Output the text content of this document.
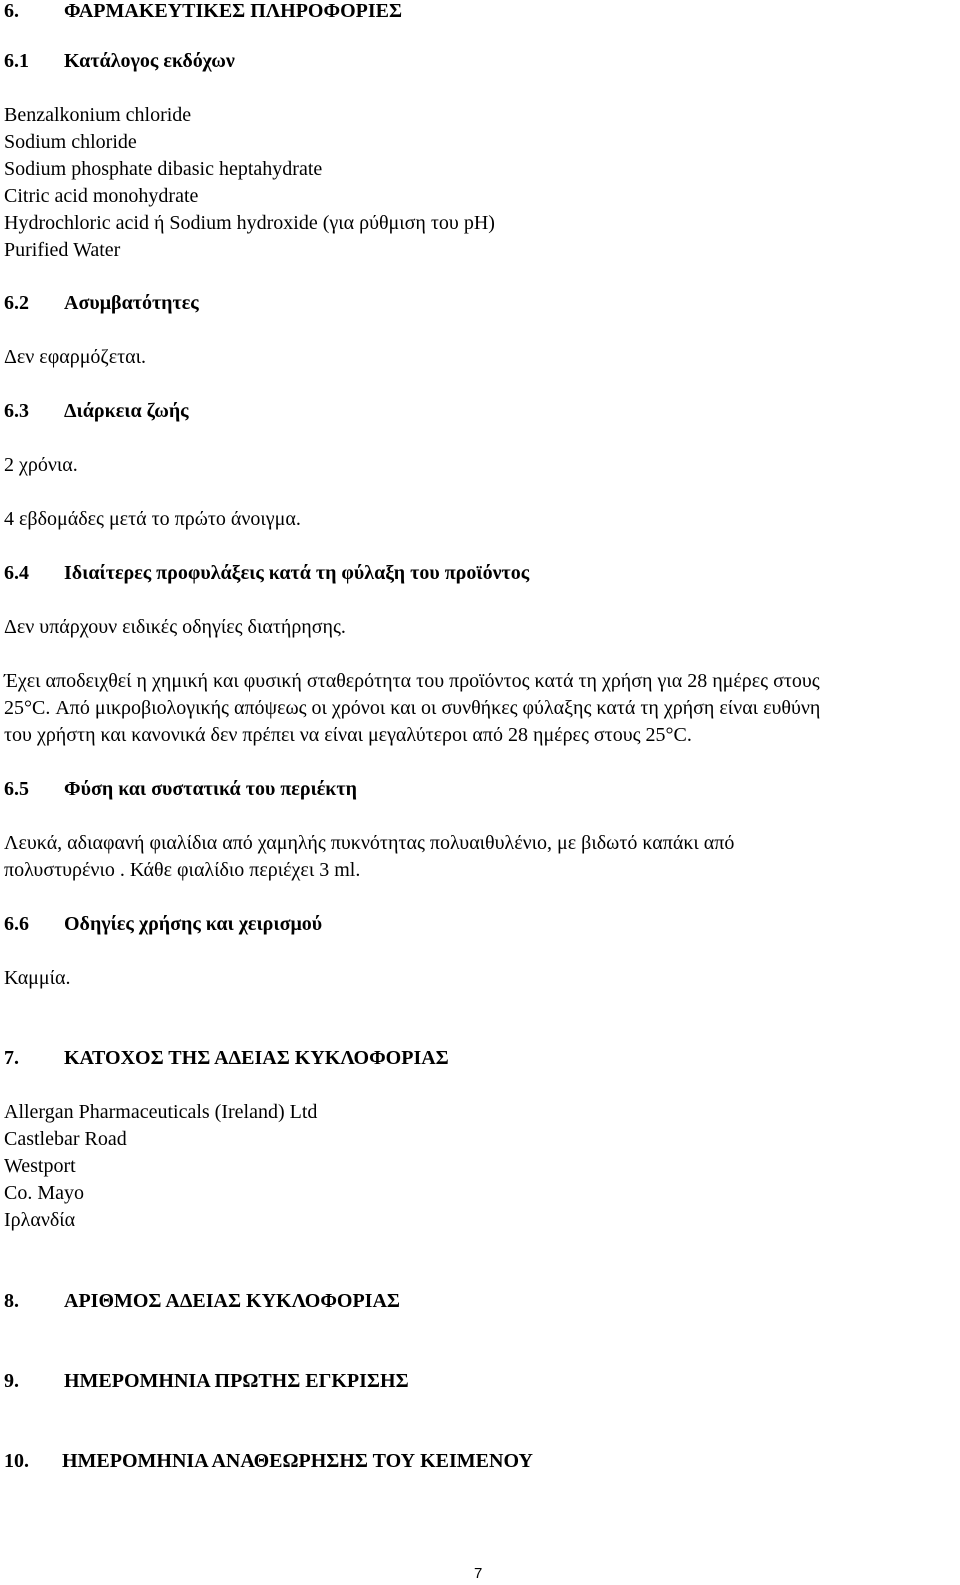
6. ΦΑΡΜΑΚΕΥΤΙΚΕΣ ΠΛΗΡΟΦΟΡΙΕΣ
6.1 Κατάλογος εκδόχων
Benzalkonium chloride
Sodium chloride
Sodium phosphate dibasic heptahydrate
Citric acid monohydrate
Hydrochloric acid ή Sodium hydroxide (για ρύθμιση του pH)
Purified Water
6.2 Ασυμβατότητες
Δεν εφαρμόζεται.
6.3 Διάρκεια ζωής
2 χρόνια.
4 εβδομάδες μετά το πρώτο άνοιγμα.
6.4 Ιδιαίτερες προφυλάξεις κατά τη φύλαξη του προϊόντος
Δεν υπάρχουν ειδικές οδηγίες διατήρησης.
Έχει αποδειχθεί η χημική και φυσική σταθερότητα του προϊόντος κατά τη χρήση για 28 ημέρες στους
25°C. Από μικροβιολογικής απόψεως οι χρόνοι και οι συνθήκες φύλαξης κατά τη χρήση είναι ευθύνη
του χρήστη και κανονικά δεν πρέπει να είναι μεγαλύτεροι από 28 ημέρες στους 25°C.
6.5 Φύση και συστατικά του περιέκτη
Λευκά, αδιαφανή φιαλίδια από χαμηλής πυκνότητας πολυαιθυλένιο, με βιδωτό καπάκι από
πολυστυρένιο . Κάθε φιαλίδιο περιέχει 3 ml.
6.6 Οδηγίες χρήσης και χειρισμού
Καμμία.
7. ΚΑΤΟΧΟΣ ΤΗΣ ΑΔΕΙΑΣ ΚΥΚΛΟΦΟΡΙΑΣ
Allergan Pharmaceuticals (Ireland) Ltd
Castlebar Road
Westport
Co. Mayo
Ιρλανδία
8. ΑΡΙΘΜΟΣ ΑΔΕΙΑΣ ΚΥΚΛΟΦΟΡΙΑΣ
9. ΗΜΕΡΟΜΗΝΙΑ ΠΡΩΤΗΣ ΕΓΚΡΙΣΗΣ
10. ΗΜΕΡΟΜΗΝΙΑ ΑΝΑΘΕΩΡΗΣΗΣ ΤΟΥ ΚΕΙΜΕΝΟΥ
7
